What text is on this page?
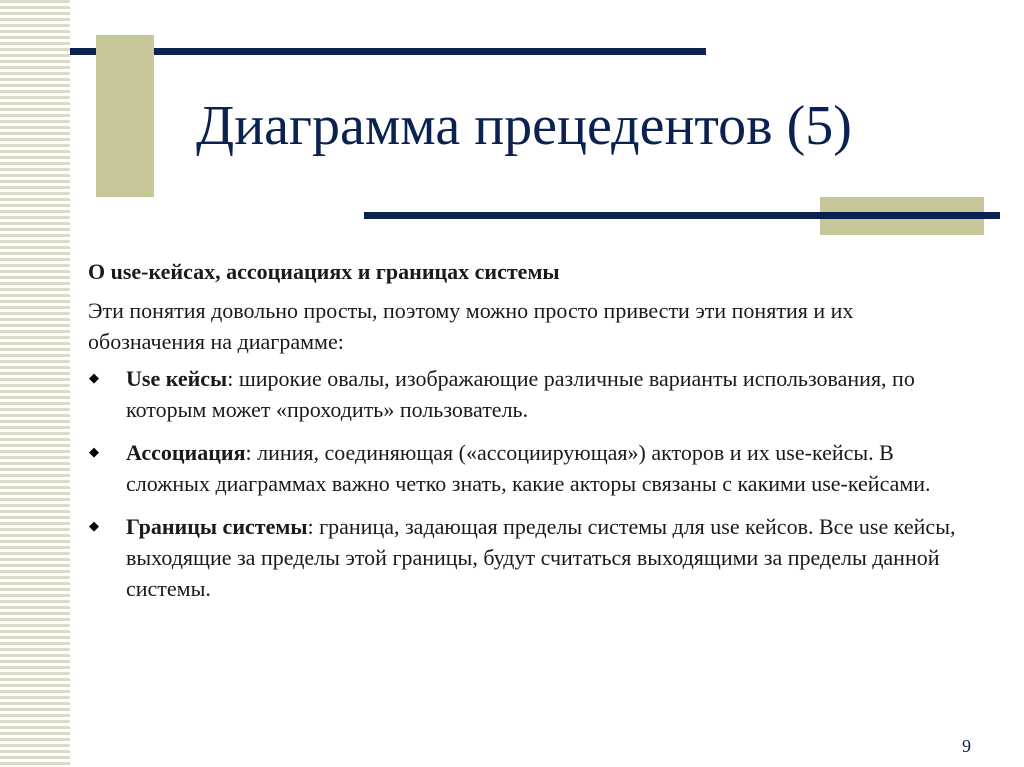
Диаграмма прецедентов (5)

О use-кейсах, ассоциациях и границах системы

Эти понятия довольно просты, поэтому можно просто привести эти понятия и их обозначения на диаграмме:

◆ Use кейсы: широкие овалы, изображающие различные варианты использования, по которым может «проходить» пользователь.
◆ Ассоциация: линия, соединяющая («ассоциирующая») акторов и их use-кейсы. В сложных диаграммах важно четко знать, какие акторы связаны с какими use-кейсами.
◆ Границы системы: граница, задающая пределы системы для use кейсов. Все use кейсы, выходящие за пределы этой границы, будут считаться выходящими за пределы данной системы.
9
